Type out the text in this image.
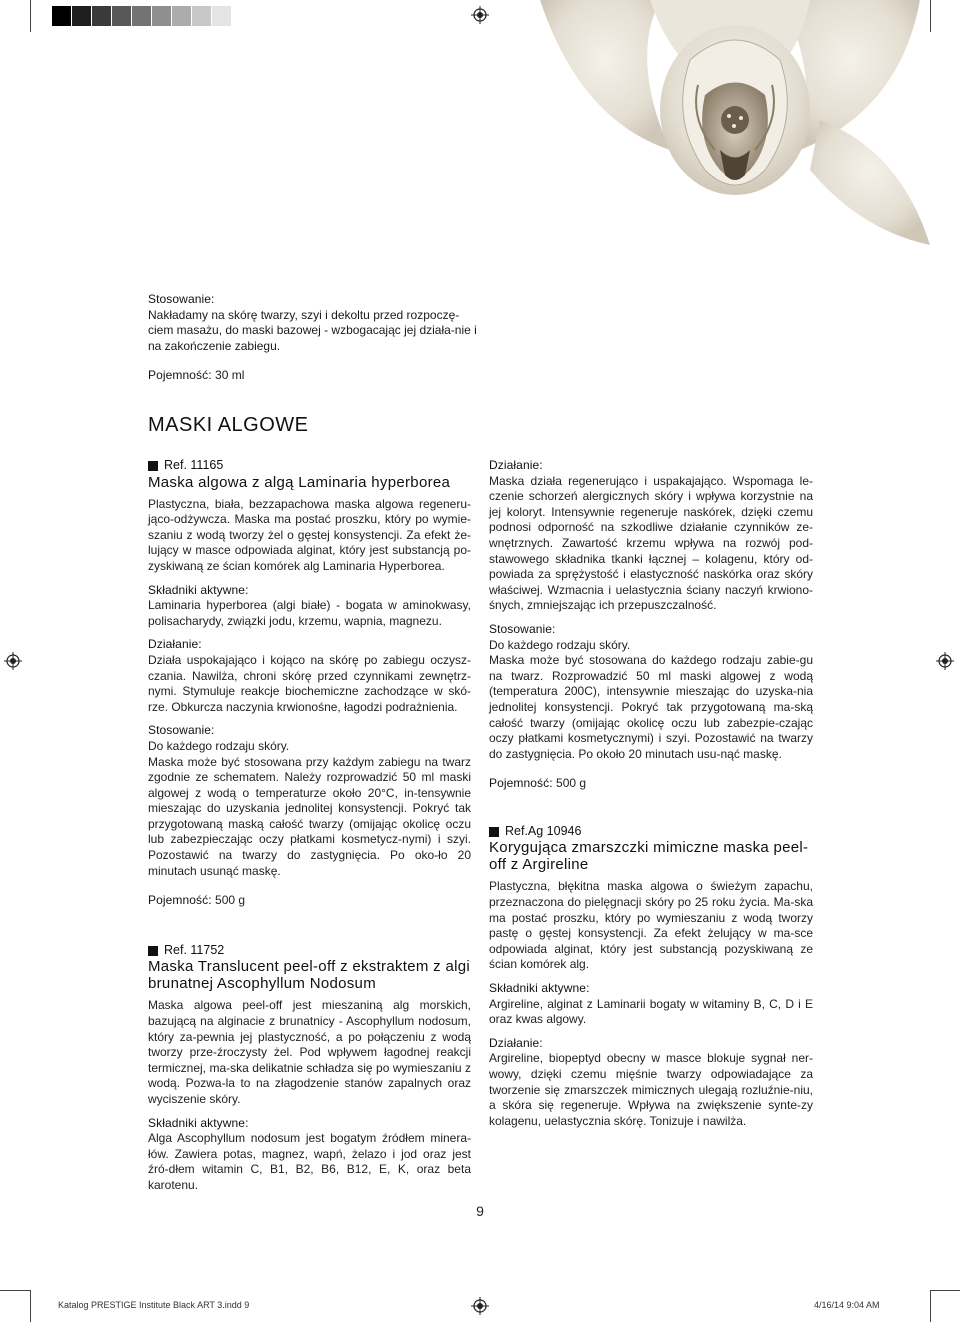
Stosowanie:

Nakładamy na skórę twarzy, szyi i dekoltu przed rozpoczę-ciem masażu, do maski bazowej - wzbogacając jej działa-nie i na zakończenie zabiegu.

Pojemność: 30 ml

MASKI ALGOWE
Ref. 11165

Maska algowa z algą Laminaria hyperborea

Plastyczna, biała, bezzapachowa maska algowa regeneru-jąco-odżywcza. Maska ma postać proszku, który po wymie-szaniu z wodą tworzy żel o gęstej konsystencji. Za efekt że-lujący w masce odpowiada alginat, który jest substancją po-zyskiwaną ze ścian komórek alg Laminaria Hyperborea.

Składniki aktywne:

Laminaria hyperborea (algi białe) - bogata w aminokwasy, polisacharydy, związki jodu, krzemu, wapnia, magnezu.

Działanie:

Działa uspokajająco i kojąco na skórę po zabiegu oczysz-czania. Nawilża, chroni skórę przed czynnikami zewnętrz-nymi. Stymuluje reakcje biochemiczne zachodzące w skó-rze. Obkurcza naczynia krwionośne, łagodzi podrażnienia.

Stosowanie:

Do każdego rodzaju skóry.

Maska może być stosowana przy każdym zabiegu na twarz zgodnie ze schematem. Należy rozprowadzić 50 ml maski algowej z wodą o temperaturze około 20°C, in-tensywnie mieszając do uzyskania jednolitej konsystencji. Pokryć tak przygotowaną maską całość twarzy (omijając okolicę oczu lub zabezpieczając oczy płatkami kosmetycz-nymi) i szyi. Pozostawić na twarzy do zastygnięcia. Po oko-ło 20 minutach usunąć maskę.

Pojemność: 500 g

Ref. 11752

Maska Translucent peel-off z ekstraktem z algi brunatnej Ascophyllum Nodosum

Maska algowa peel-off jest mieszaniną alg morskich, bazującą na alginacie z brunatnicy - Ascophyllum nodosum, który za-pewnia jej plastyczność, a po połączeniu z wodą tworzy prze-źroczysty żel. Pod wpływem łagodnej reakcji termicznej, ma-ska delikatnie schładza się po wymieszaniu z wodą. Pozwa-la to na złagodzenie stanów zapalnych oraz wyciszenie skóry.

Składniki aktywne:

Alga Ascophyllum nodosum jest bogatym źródłem minera-łów. Zawiera potas, magnez, wapń, żelazo i jod oraz jest źró-dłem witamin C, B1, B2, B6, B12, E, K, oraz beta karotenu.

Działanie:

Maska działa regenerująco i uspakajająco. Wspomaga le-czenie schorzeń alergicznych skóry i wpływa korzystnie na jej koloryt. Intensywnie regeneruje naskórek, dzięki czemu podnosi odporność na szkodliwe działanie czynników ze-wnętrznych. Zawartość krzemu wpływa na rozwój pod-stawowego składnika tkanki łącznej – kolagenu, który od-powiada za sprężystość i elastyczność naskórka oraz skóry właściwej. Wzmacnia i uelastycznia ściany naczyń krwiono-śnych, zmniejszając ich przepuszczalność.

Stosowanie:

Do każdego rodzaju skóry.

Maska może być stosowana do każdego rodzaju zabie-gu na twarz. Rozprowadzić 50 ml maski algowej z wodą (temperatura 200C), intensywnie mieszając do uzyska-nia jednolitej konsystencji. Pokryć tak przygotowaną ma-ską całość twarzy (omijając okolicę oczu lub zabezpie-czając oczy płatkami kosmetycznymi) i szyi. Pozostawić na twarzy do zastygnięcia. Po około 20 minutach usu-nąć maskę.

Pojemność: 500 g

Ref.Ag 10946

Korygująca zmarszczki mimiczne maska peel-off z Argireline

Plastyczna, błękitna maska algowa o świeżym zapachu, przeznaczona do pielęgnacji skóry po 25 roku życia. Ma-ska ma postać proszku, który po wymieszaniu z wodą tworzy pastę o gęstej konsystencji. Za efekt żelujący w ma-sce odpowiada alginat, który jest substancją pozyskiwaną ze ścian komórek alg.

Składniki aktywne:

Argireline, alginat z Laminarii bogaty w witaminy B, C, D i E oraz kwas algowy.

Działanie:

Argireline, biopeptyd obecny w masce blokuje sygnał ner-wowy, dzięki czemu mięśnie twarzy odpowiadające za tworzenie się zmarszczek mimicznych ulegają rozluźnie-niu, a skóra się regeneruje. Wpływa na zwiększenie synte-zy kolagenu, uelastycznia skórę. Tonizuje i nawilża.

9
Katalog PRESTIGE Institute Black ART 3.indd 9	4/16/14 9:04 AM
